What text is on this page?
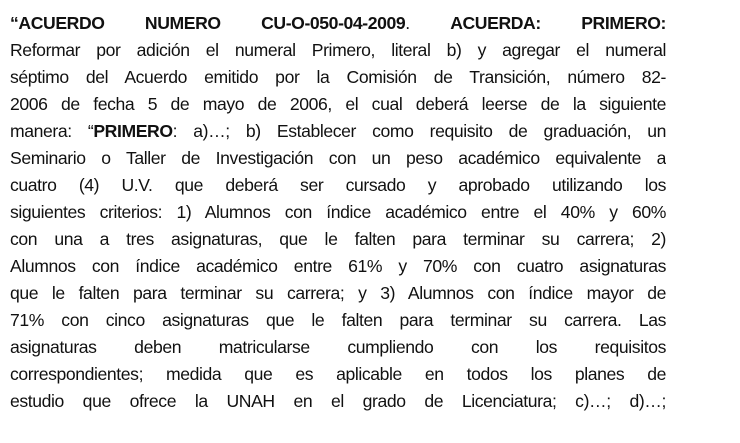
“ACUERDO NUMERO CU-O-050-04-2009. ACUERDA: PRIMERO:
Reformar por adición el numeral Primero, literal b) y agregar el numeral
séptimo del Acuerdo emitido por la Comisión de Transición, número 82-
2006 de fecha 5 de mayo de 2006, el cual deberá leerse de la siguiente
manera: “PRIMERO: a)…; b) Establecer como requisito de graduación, un
Seminario o Taller de Investigación con un peso académico equivalente a
cuatro (4) U.V. que deberá ser cursado y aprobado utilizando los
siguientes criterios: 1) Alumnos con índice académico entre el 40% y 60%
con una a tres asignaturas, que le falten para terminar su carrera; 2)
Alumnos con índice académico entre 61% y 70% con cuatro asignaturas
que le falten para terminar su carrera; y 3) Alumnos con índice mayor de
71% con cinco asignaturas que le falten para terminar su carrera. Las
asignaturas deben matricularse cumpliendo con los requisitos
correspondientes; medida que es aplicable en todos los planes de
estudio que ofrece la UNAH en el grado de Licenciatura; c)…; d)…;
